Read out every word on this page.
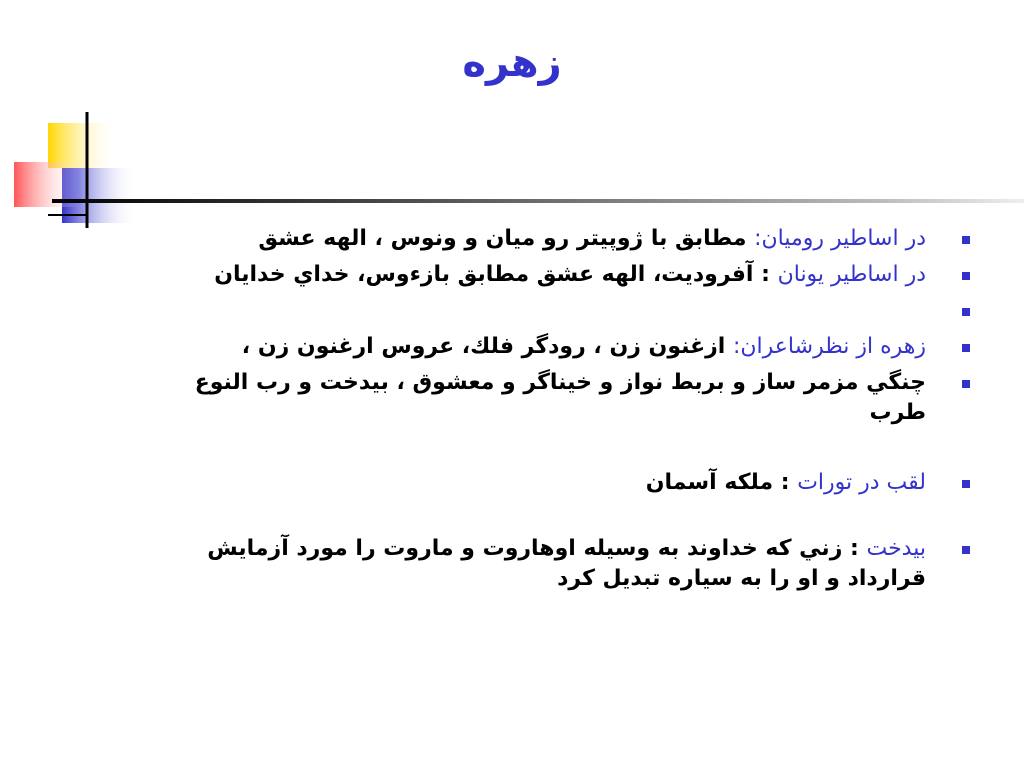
زهره
در اساطير روميان: مطابق با ژوپيتر رو ميان و ونوس ، الهه عشق
در اساطير يونان : آفروديت، الهه عشق مطابق بازءوس، خداي خدايان

زهره از نظرشاعران: ازغنون زن ، رودگر فلك، عروس ارغنون زن ،
چنگي مزمر ساز و بربط نواز و خيناگر و معشوق ، بيدخت و رب النوع طرب
لقب در تورات : ملكه آسمان
بيدخت : زني كه خداوند به وسيله اوهاروت و ماروت را مورد آزمايش قرارداد و او را به سياره تبديل كرد
